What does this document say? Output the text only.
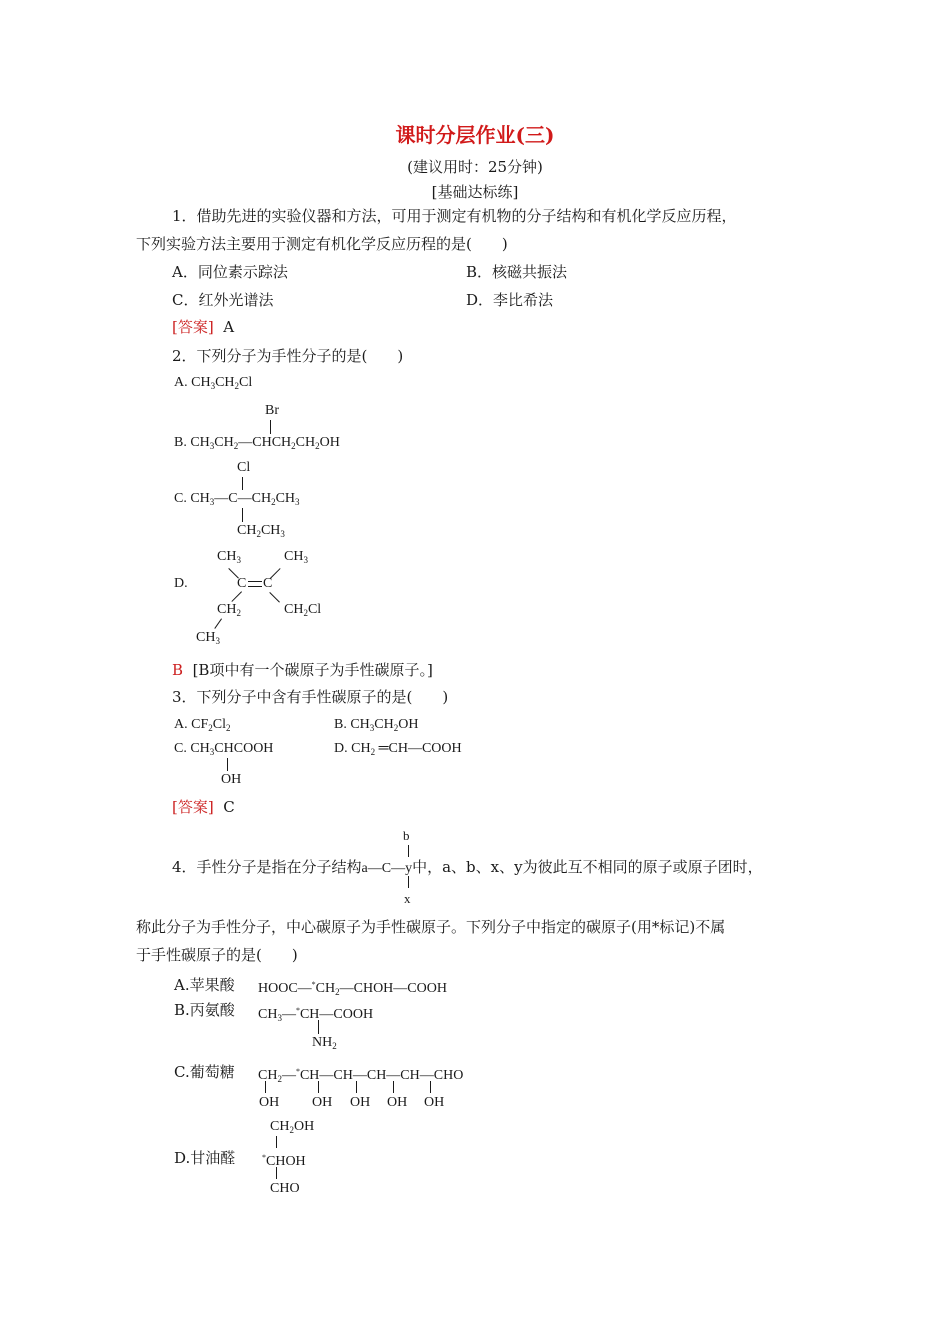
课时分层作业(三)
(建议用时：25分钟)
[基础达标练]
1．借助先进的实验仪器和方法，可用于测定有机物的分子结构和有机化学反应历程，
下列实验方法主要用于测定有机化学反应历程的是(　　)
A．同位素示踪法	B．核磁共振法
C．红外光谱法	D．李比希法
[答案] A
2．下列分子为手性分子的是(　　)
A. $CH_3CH_2Cl$
Br
B. $CH_3CH_2—CHCH_2CH_2OH$
Cl
C. $CH_3—C—CH_2CH_3$
$CH_2CH_3$
$CH_3$	$CH_3$
D.	C C
$CH_2$	$CH_2Cl$
$CH_3$
B [B项中有一个碳原子为手性碳原子。]
3．下列分子中含有手性碳原子的是(　　)
A. $CF_2Cl_2$	B. $CH_3CH_2OH$
C. $CH_3CHCOOH$
OH
D. $CH_2$ ═CH—COOH
[答案] C
b
4．手性分子是指在分子结构a—C—y中，a、b、x、y为彼此互不相同的原子或原子团时，
x
称此分子为手性分子，中心碳原子为手性碳原子。下列分子中指定的碳原子(用*标记)不属
于手性碳原子的是(　　)
A.苹果酸 $HOOC—^*CH_2—CHOH—COOH$
B.丙氨酸 $CH_3—^*CH—COOH$
$NH_2$
C.葡萄糖 $CH_2—^*CH—CH—CH—CH—CHO$
OH OH OH OH OH
$CH_2OH$
D.甘油醛	*CHOH
CHO
